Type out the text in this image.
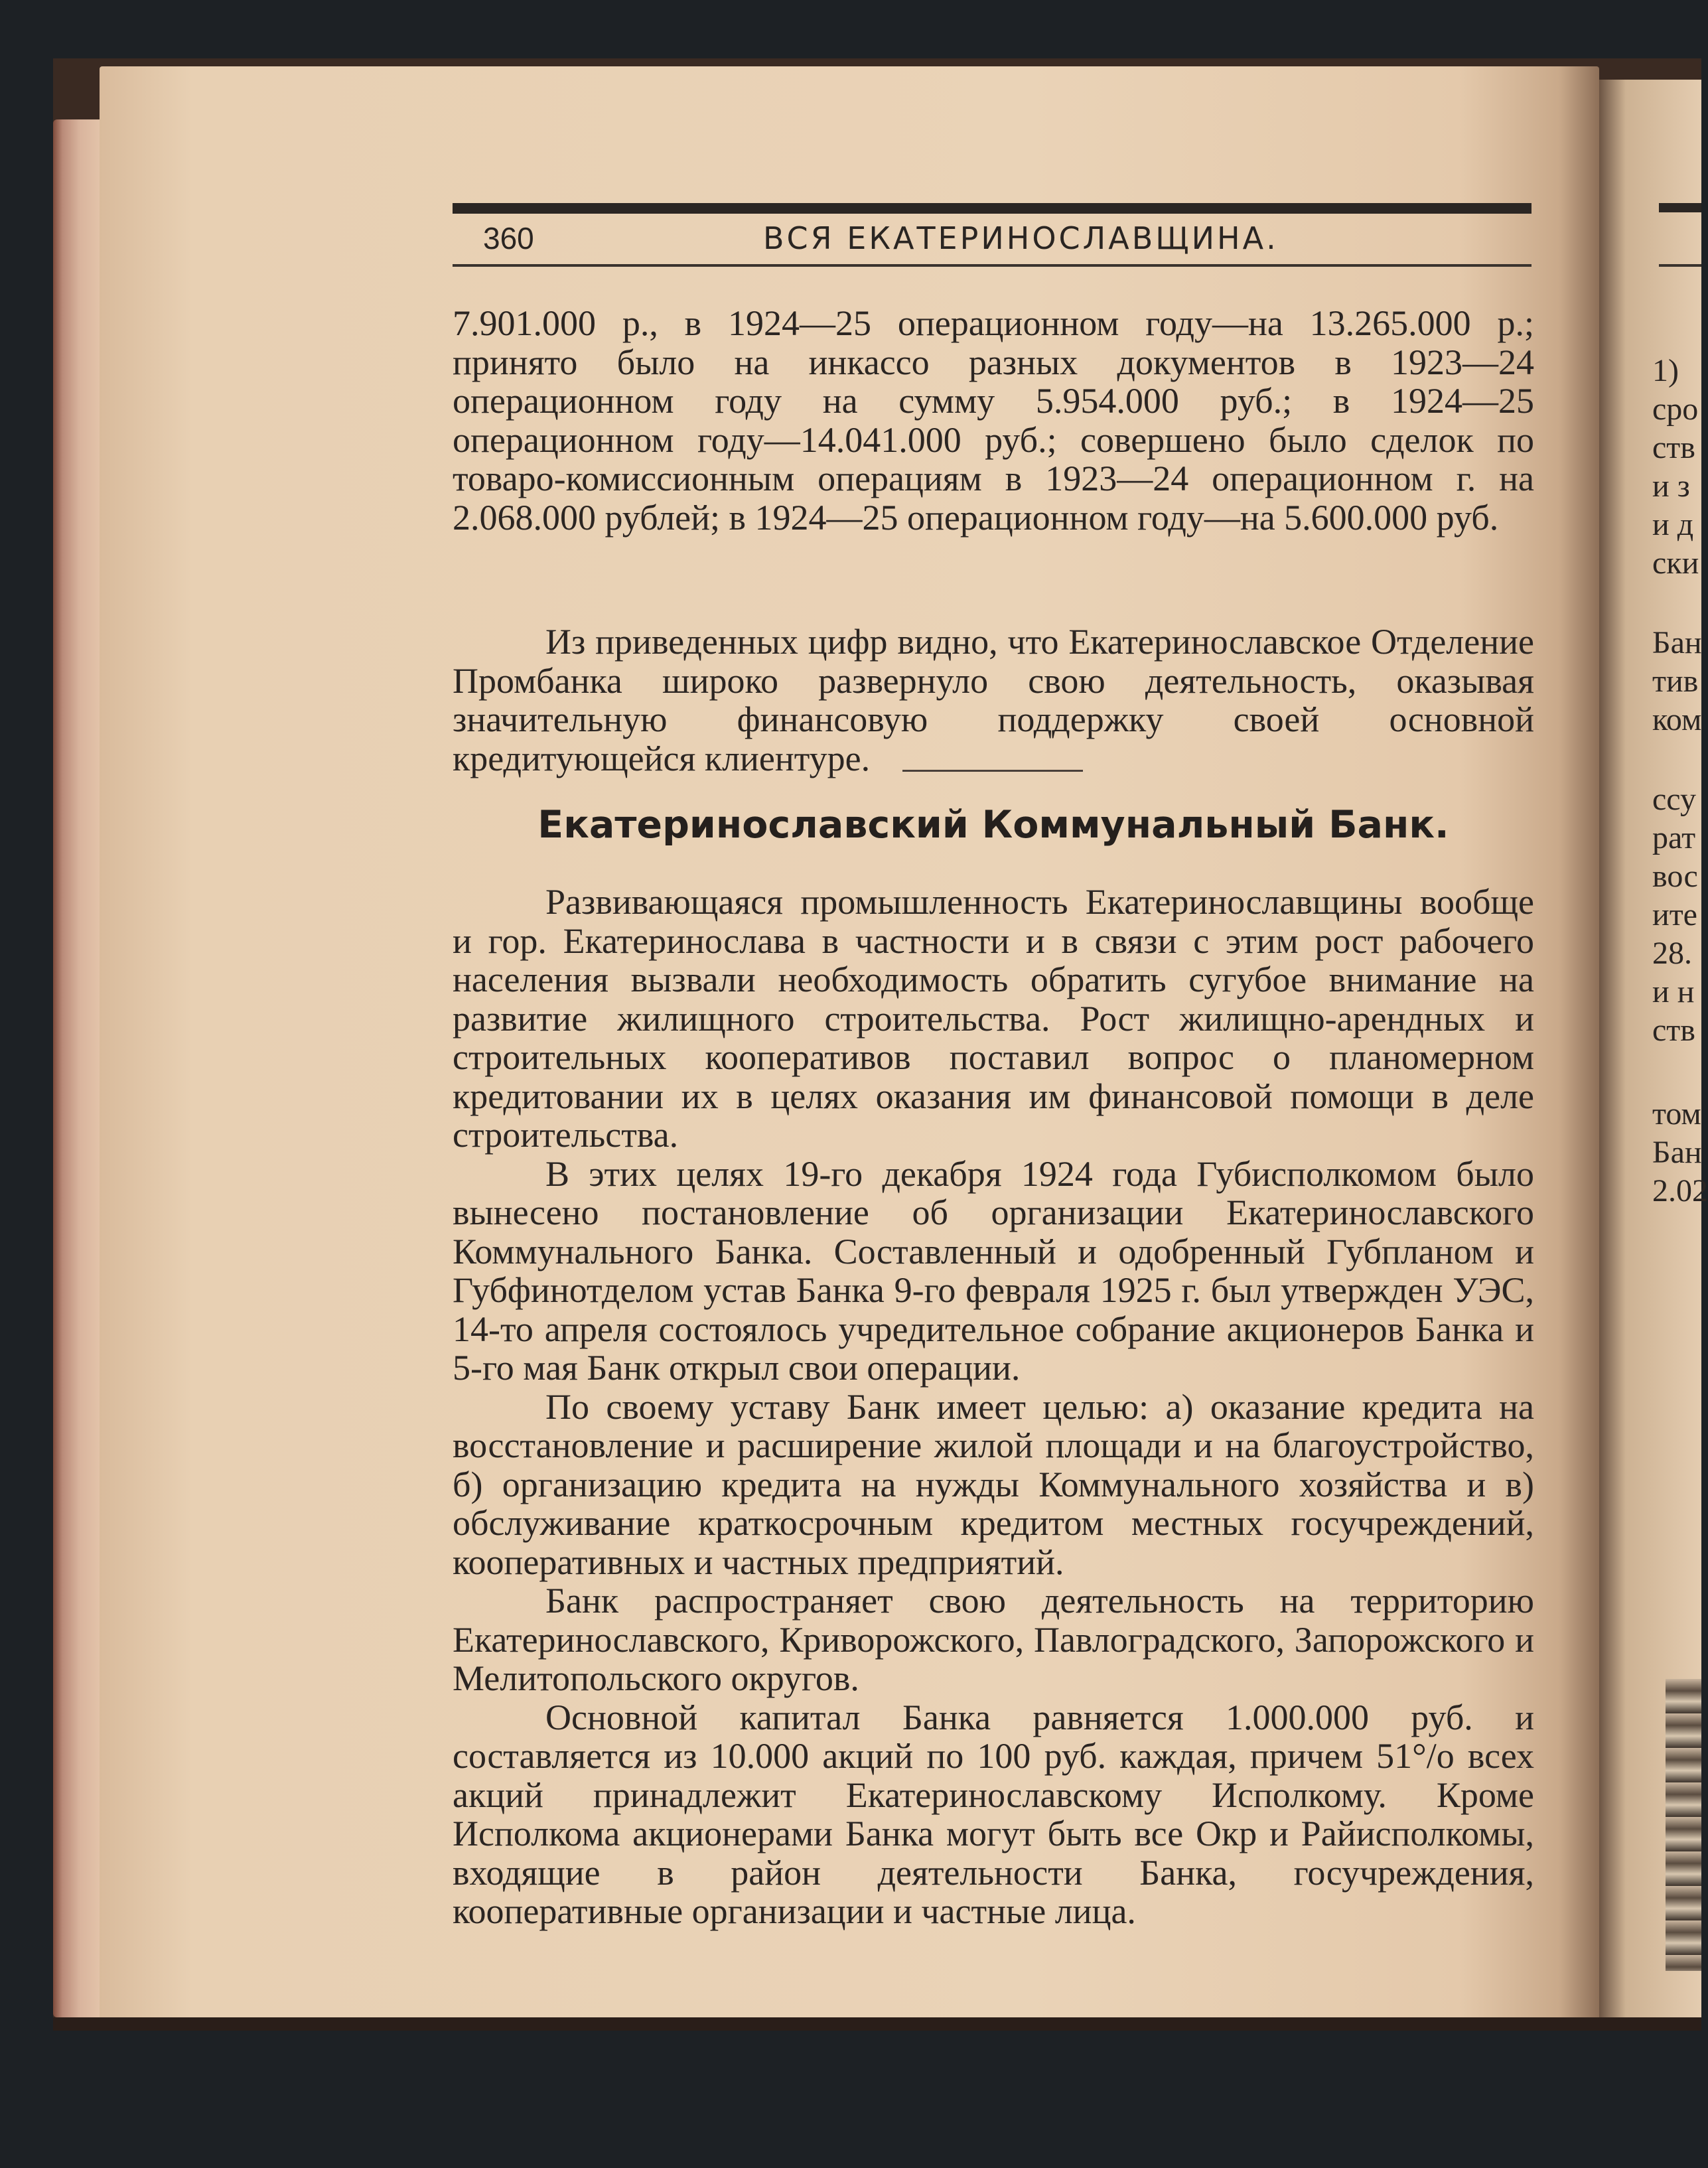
360	ВСЯ ЕКАТЕРИНОСЛАВЩИНА.

7.901.000 р., в 1924—25 операционном году—на 13.265.000 р.; принято было на инкассо разных документов в 1923—24 операционном году на сумму 5.954.000 руб.; в 1924—25 операционном году—14.041.000 руб.; совершено было сделок по товаро-комиссионным операциям в 1923—24 операционном г. на 2.068.000 рублей; в 1924—25 операционном году—на 5.600.000 руб.

Из приведенных цифр видно, что Екатеринославское Отделение Промбанка широко развернуло свою деятельность, оказывая значительную финансовую поддержку своей основной кредитующейся клиентуре.

Екатеринославский Коммунальный Банк.

Развивающаяся промышленность Екатеринославщины вообще и гор. Екатеринослава в частности и в связи с этим рост рабочего населения вызвали необходимость обратить сугубое внимание на развитие жилищного строительства. Рост жилищно-арендных и строительных кооперативов поставил вопрос о планомерном кредитовании их в целях оказания им финансовой помощи в деле строительства.

В этих целях 19-го декабря 1924 года Губисполкомом было вынесено постановление об организации Екатеринославского Коммунального Банка. Составленный и одобренный Губпланом и Губфинотделом устав Банка 9-го февраля 1925 г. был утвержден УЭС, 14-то апреля состоялось учредительное собрание акционеров Банка и 5-го мая Банк открыл свои операции.

По своему уставу Банк имеет целью: а) оказание кредита на восстановление и расширение жилой площади и на благоустройство, б) организацию кредита на нужды Коммунального хозяйства и в) обслуживание краткосрочным кредитом местных госучреждений, кооперативных и частных предприятий.

Банк распространяет свою деятельность на территорию Екатеринославского, Криворожского, Павлоградского, Запорожского и Мелитопольского округов.

Основной капитал Банка равняется 1.000.000 руб. и составляется из 10.000 акций по 100 руб. каждая, причем 51°/о всех акций принадлежит Екатеринославскому Исполкому. Кроме Исполкома акционерами Банка могут быть все Окр и Райисполкомы, входящие в район деятельности Банка, госучреждения, кооперативные организации и частные лица.

1)
сро
ств
и з
и д
ски
Бан
тив
ком
ссу
рат
вос
ите
28.
и н
ств
том
Бан
2.02
